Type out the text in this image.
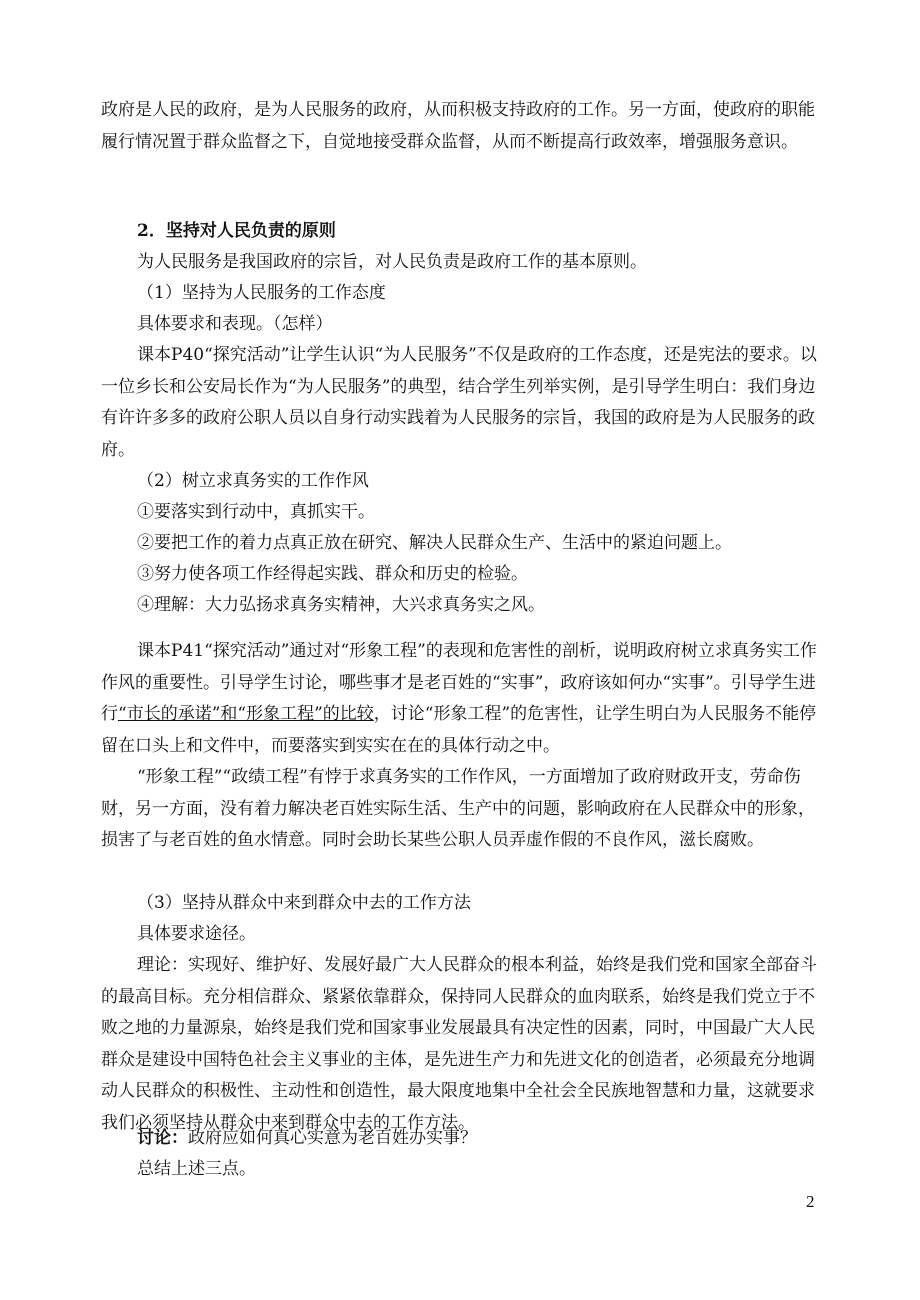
政府是人民的政府，是为人民服务的政府，从而积极支持政府的工作。另一方面，使政府的职能履行情况置于群众监督之下，自觉地接受群众监督，从而不断提高行政效率，增强服务意识。

2．坚持对人民负责的原则

为人民服务是我国政府的宗旨，对人民负责是政府工作的基本原则。

（1）坚持为人民服务的工作态度

具体要求和表现。（怎样）

课本P40“探究活动”让学生认识“为人民服务”不仅是政府的工作态度，还是宪法的要求。以一位乡长和公安局长作为“为人民服务”的典型，结合学生列举实例，是引导学生明白：我们身边有许许多多的政府公职人员以自身行动实践着为人民服务的宗旨，我国的政府是为人民服务的政府。

（2）树立求真务实的工作作风

①要落实到行动中，真抓实干。

②要把工作的着力点真正放在研究、解决人民群众生产、生活中的紧迫问题上。

③努力使各项工作经得起实践、群众和历史的检验。

④理解：大力弘扬求真务实精神，大兴求真务实之风。

课本P41“探究活动”通过对“形象工程”的表现和危害性的剖析，说明政府树立求真务实工作作风的重要性。引导学生讨论，哪些事才是老百姓的“实事”，政府该如何办“实事”。引导学生进行“市长的承诺”和“形象工程”的比较，讨论“形象工程”的危害性，让学生明白为人民服务不能停留在口头上和文件中，而要落实到实实在在的具体行动之中。

“形象工程”“政绩工程”有悖于求真务实的工作作风，一方面增加了政府财政开支，劳命伤财，另一方面，没有着力解决老百姓实际生活、生产中的问题，影响政府在人民群众中的形象，损害了与老百姓的鱼水情意。同时会助长某些公职人员弄虚作假的不良作风，滋长腐败。

（3）坚持从群众中来到群众中去的工作方法

具体要求途径。

理论：实现好、维护好、发展好最广大人民群众的根本利益，始终是我们党和国家全部奋斗的最高目标。充分相信群众、紧紧依靠群众，保持同人民群众的血肉联系，始终是我们党立于不败之地的力量源泉，始终是我们党和国家事业发展最具有决定性的因素，同时，中国最广大人民群众是建设中国特色社会主义事业的主体，是先进生产力和先进文化的创造者，必须最充分地调动人民群众的积极性、主动性和创造性，最大限度地集中全社会全民族地智慧和力量，这就要求我们必须坚持从群众中来到群众中去的工作方法。

讨论：政府应如何真心实意为老百姓办实事？

总结上述三点。

2
